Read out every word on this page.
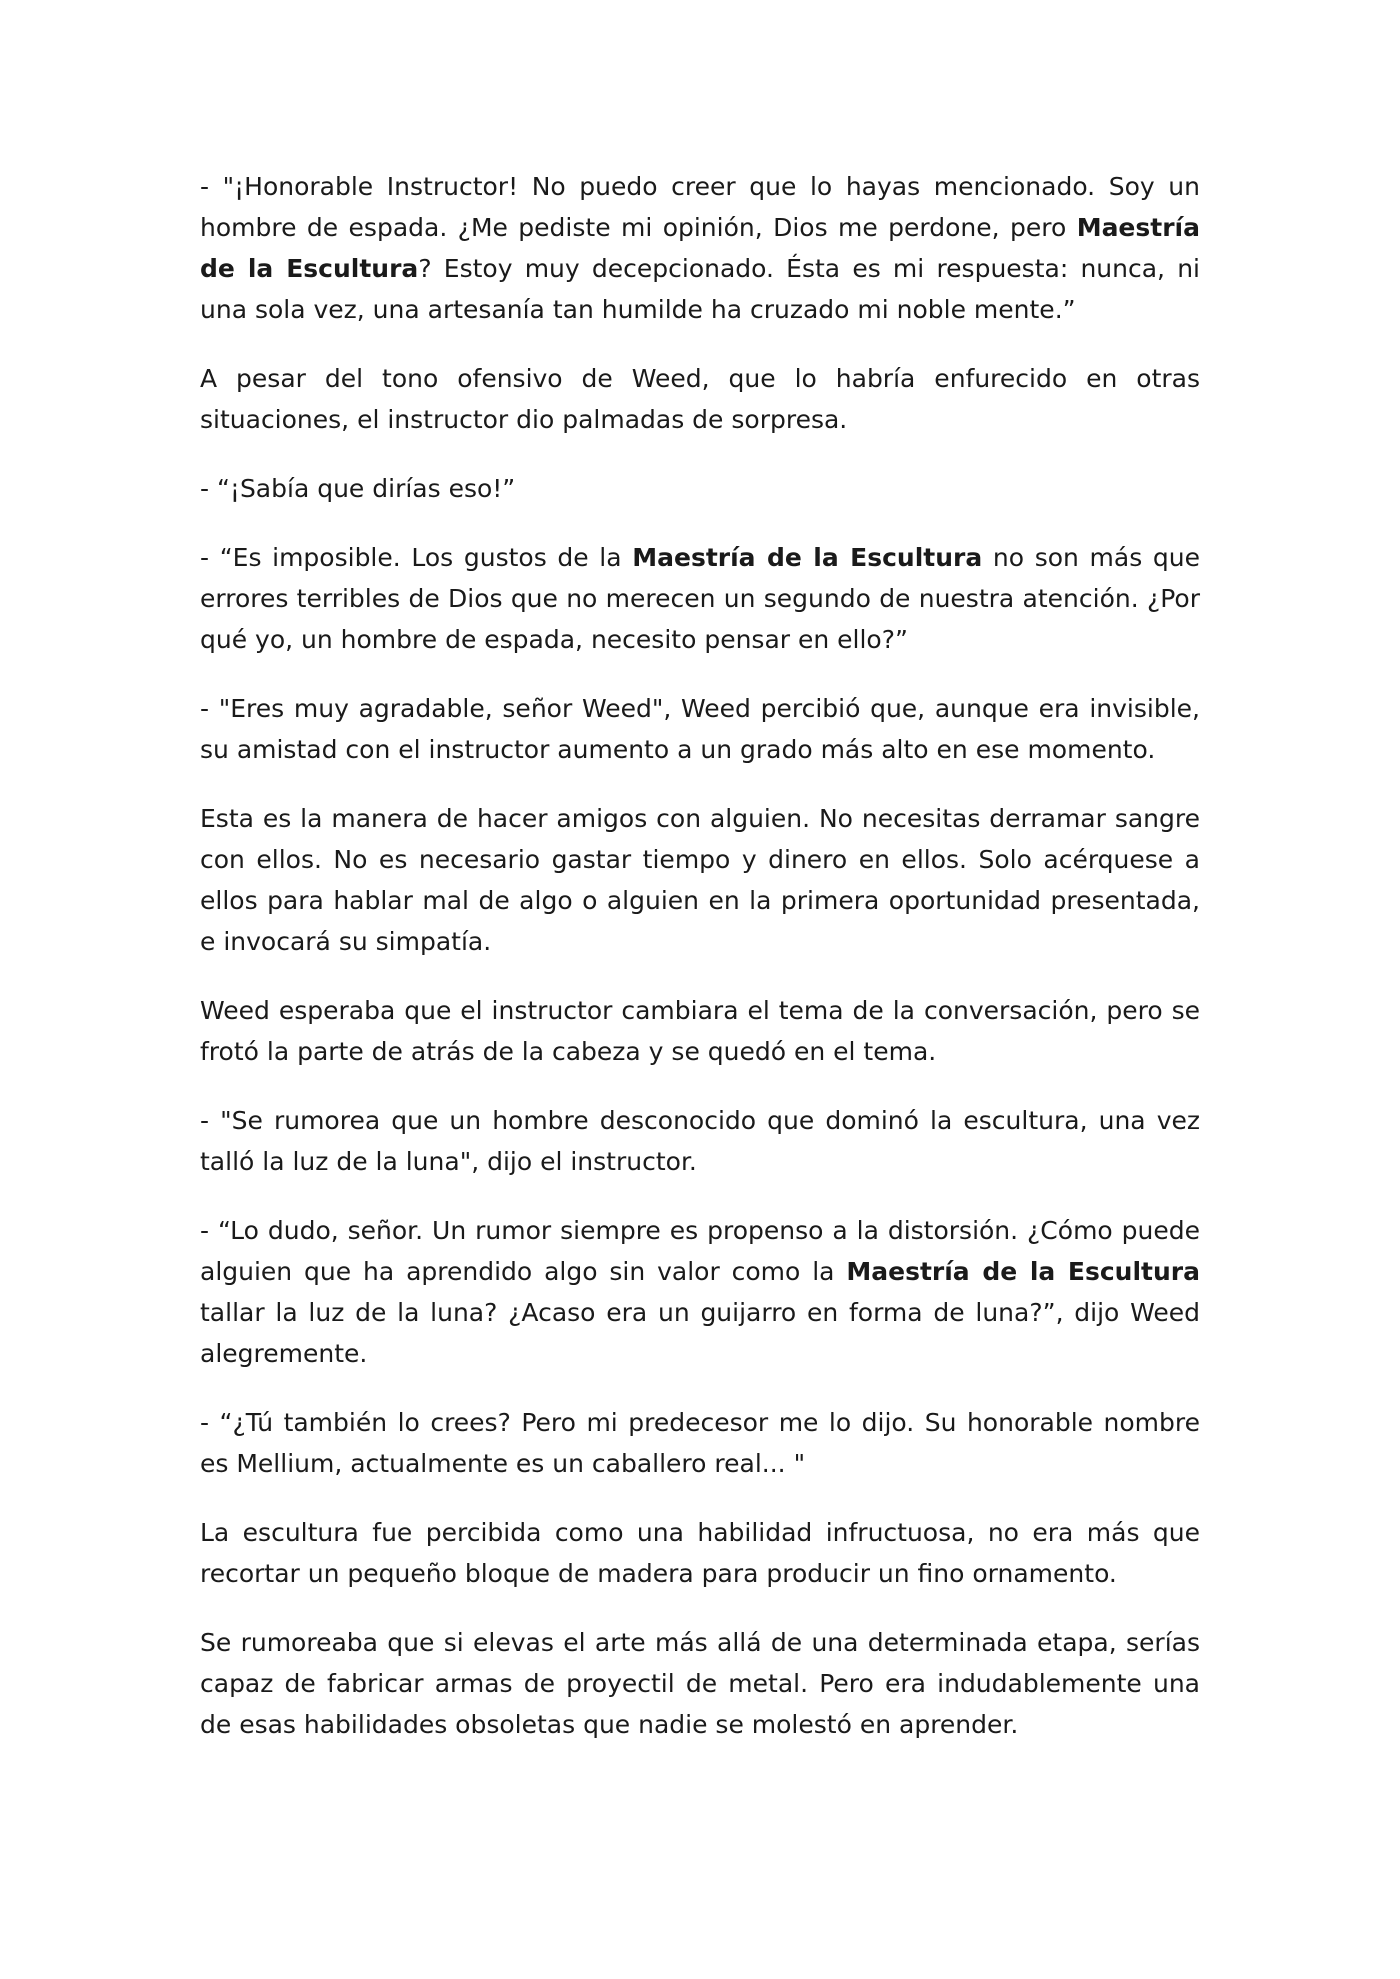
- "¡Honorable Instructor! No puedo creer que lo hayas mencionado. Soy un hombre de espada. ¿Me pediste mi opinión, Dios me perdone, pero Maestría de la Escultura? Estoy muy decepcionado. Ésta es mi respuesta: nunca, ni una sola vez, una artesanía tan humilde ha cruzado mi noble mente.”

A pesar del tono ofensivo de Weed, que lo habría enfurecido en otras situaciones, el instructor dio palmadas de sorpresa.

- “¡Sabía que dirías eso!”

- “Es imposible. Los gustos de la Maestría de la Escultura no son más que errores terribles de Dios que no merecen un segundo de nuestra atención. ¿Por qué yo, un hombre de espada, necesito pensar en ello?”

- "Eres muy agradable, señor Weed", Weed percibió que, aunque era invisible, su amistad con el instructor aumento a un grado más alto en ese momento.

Esta es la manera de hacer amigos con alguien. No necesitas derramar sangre con ellos. No es necesario gastar tiempo y dinero en ellos. Solo acérquese a ellos para hablar mal de algo o alguien en la primera oportunidad presentada, e invocará su simpatía.

Weed esperaba que el instructor cambiara el tema de la conversación, pero se frotó la parte de atrás de la cabeza y se quedó en el tema.

- "Se rumorea que un hombre desconocido que dominó la escultura, una vez talló la luz de la luna", dijo el instructor.

- “Lo dudo, señor. Un rumor siempre es propenso a la distorsión. ¿Cómo puede alguien que ha aprendido algo sin valor como la Maestría de la Escultura tallar la luz de la luna? ¿Acaso era un guijarro en forma de luna?”, dijo Weed alegremente.

- “¿Tú también lo crees? Pero mi predecesor me lo dijo. Su honorable nombre es Mellium, actualmente es un caballero real... "

La escultura fue percibida como una habilidad infructuosa, no era más que recortar un pequeño bloque de madera para producir un fino ornamento.

Se rumoreaba que si elevas el arte más allá de una determinada etapa, serías capaz de fabricar armas de proyectil de metal. Pero era indudablemente una de esas habilidades obsoletas que nadie se molestó en aprender.
